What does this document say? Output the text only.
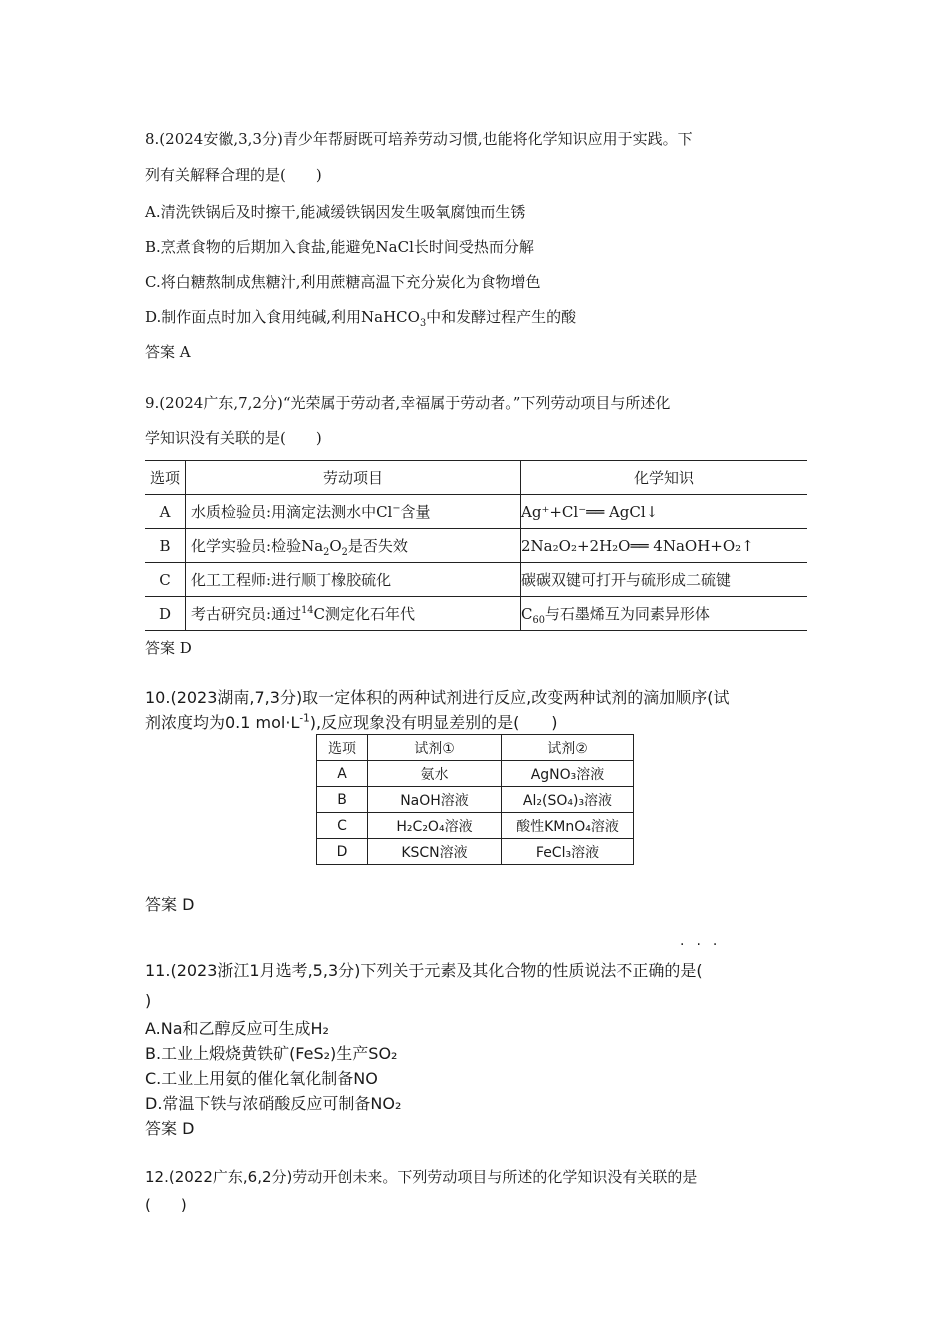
8.(2024安徽,3,3分)青少年帮厨既可培养劳动习惯,也能将化学知识应用于实践。下
列有关解释合理的是(　　)
A.清洗铁锅后及时擦干,能减缓铁锅因发生吸氧腐蚀而生锈
B.烹煮食物的后期加入食盐,能避免NaCl长时间受热而分解
C.将白糖熬制成焦糖汁,利用蔗糖高温下充分炭化为食物增色
D.制作面点时加入食用纯碱,利用NaHCO$_3$中和发酵过程产生的酸
答案 A
9.(2024广东,7,2分)“光荣属于劳动者,幸福属于劳动者。”下列劳动项目与所述化
学知识没有关联的是(　　)
选项	劳动项目	化学知识
A	水质检验员:用滴定法测水中Cl−含量	Ag⁺+Cl⁻══ AgCl↓
B	化学实验员:检验$Na_2O_2$是否失效	2Na₂O₂+2H₂O══ 4NaOH+O₂↑
C	化工工程师:进行顺丁橡胶硫化	碳碳双键可打开与硫形成二硫键
D	考古研究员:通过$^{14}$C测定化石年代	$C_{60}$与石墨烯互为同素异形体
答案 D
10.(2023湖南,7,3分)取一定体积的两种试剂进行反应,改变两种试剂的滴加顺序(试
剂浓度均为0.1 $mol\cdot L^{-1}$),反应现象没有明显差别的是(　　)
选项	试剂①	试剂②
A	氨水	AgNO₃溶液
B	NaOH溶液	Al₂(SO₄)₃溶液
C	H₂C₂O₄溶液	酸性KMnO₄溶液
D	KSCN溶液	FeCl₃溶液
答案 D
···
11.(2023浙江1月选考,5,3分)下列关于元素及其化合物的性质说法不正确的是(
)
A.Na和乙醇反应可生成H₂
B.工业上煅烧黄铁矿(FeS₂)生产SO₂
C.工业上用氨的催化氧化制备NO
D.常温下铁与浓硝酸反应可制备NO₂
答案 D
12.(2022广东,6,2分)劳动开创未来。下列劳动项目与所述的化学知识没有关联的是
(　　)
